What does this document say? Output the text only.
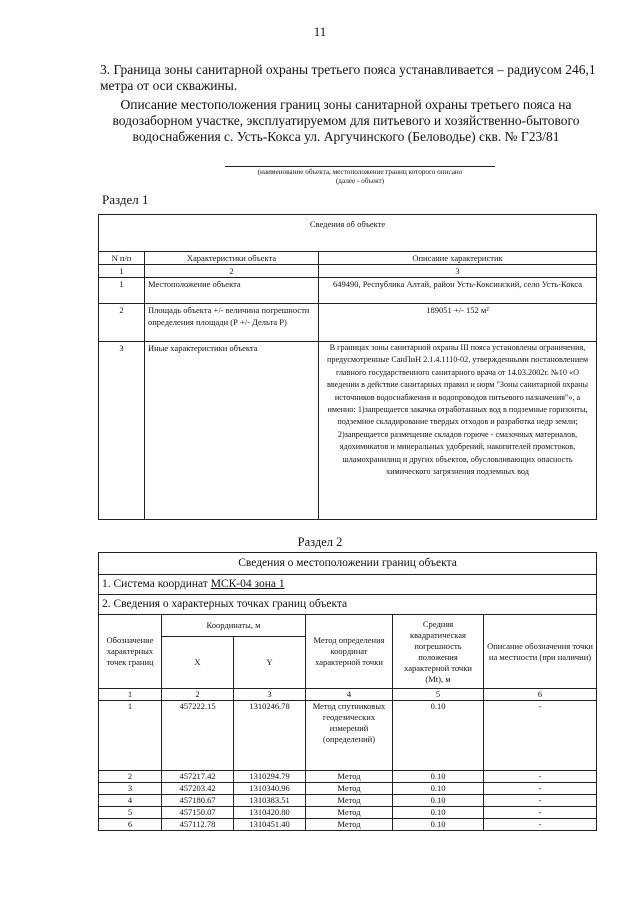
11
3. Граница зоны санитарной охраны третьего пояса устанавливается – радиусом 246,1 метра от оси скважины.
Описание местоположения границ зоны санитарной охраны третьего пояса на водозаборном участке, эксплуатируемом для питьевого и хозяйственно-бытового водоснабжения с. Усть-Кокса ул. Аргучинского (Беловодье) скв. № Г23/81
(наименование объекта, местоположение границ которого описано
(далее - объект)
Раздел 1
Сведения об объекте		

N п/п	Характеристики объекта	Описание характеристик
1	2	3
1	Местоположение объекта	649490, Республика Алтай, район Усть-Коксинский, село Усть-Кокса
2	Площадь объекта +/- величина погрешности определения площади (Р +/- Дельта Р)	189051 +/- 152 м²
3	Иные характеристики объекта	В границах зоны санитарной охраны III пояса установлены ограничения, предусмотренные СанПиН 2.1.4.1110-02, утвержденными постановлением главного государственного санитарного врача от 14.03.2002г. №10 «О введении в действие санитарных правил и норм "Зоны санитарной охраны источников водоснабжения и водопроводов питьевого назначения"», а именно: 1)запрещается закачка отработанных вод в подземные горизонты, подземное складирование твердых отходов и разработка недр земли; 2)запрещается размещение складов горюче - смазочных материалов, ядохимикатов и минеральных удобрений, накопителей промстоков, шламохранилищ и других объектов, обусловливающих опасность химического загрязнения подземных вод
Раздел 2
Сведения о местоположении границ объекта					
1. Система координат МСК-04 зона 1					
2. Сведения о характерных точках границ объекта					
Обозначение характерных точек границ	Координаты, м		Метод определения координат характерной точки	Средняя квадратическая погрешность положения характерной точки (Mt), м	Описание обозначения точки на местности (при наличии)
	X	Y			
1	2	3	4	5	6
1	457222.15	1310246.78	Метод спутниковых геодезических измерений (определений)	0.10	-
2	457217.42	1310294.79	Метод	0.10	-
3	457203.42	1310340.96	Метод	0.10	-
4	457180.67	1310383.51	Метод	0.10	-
5	457150.07	1310420.80	Метод	0.10	-
6	457112.78	1310451.40	Метод	0.10	-
